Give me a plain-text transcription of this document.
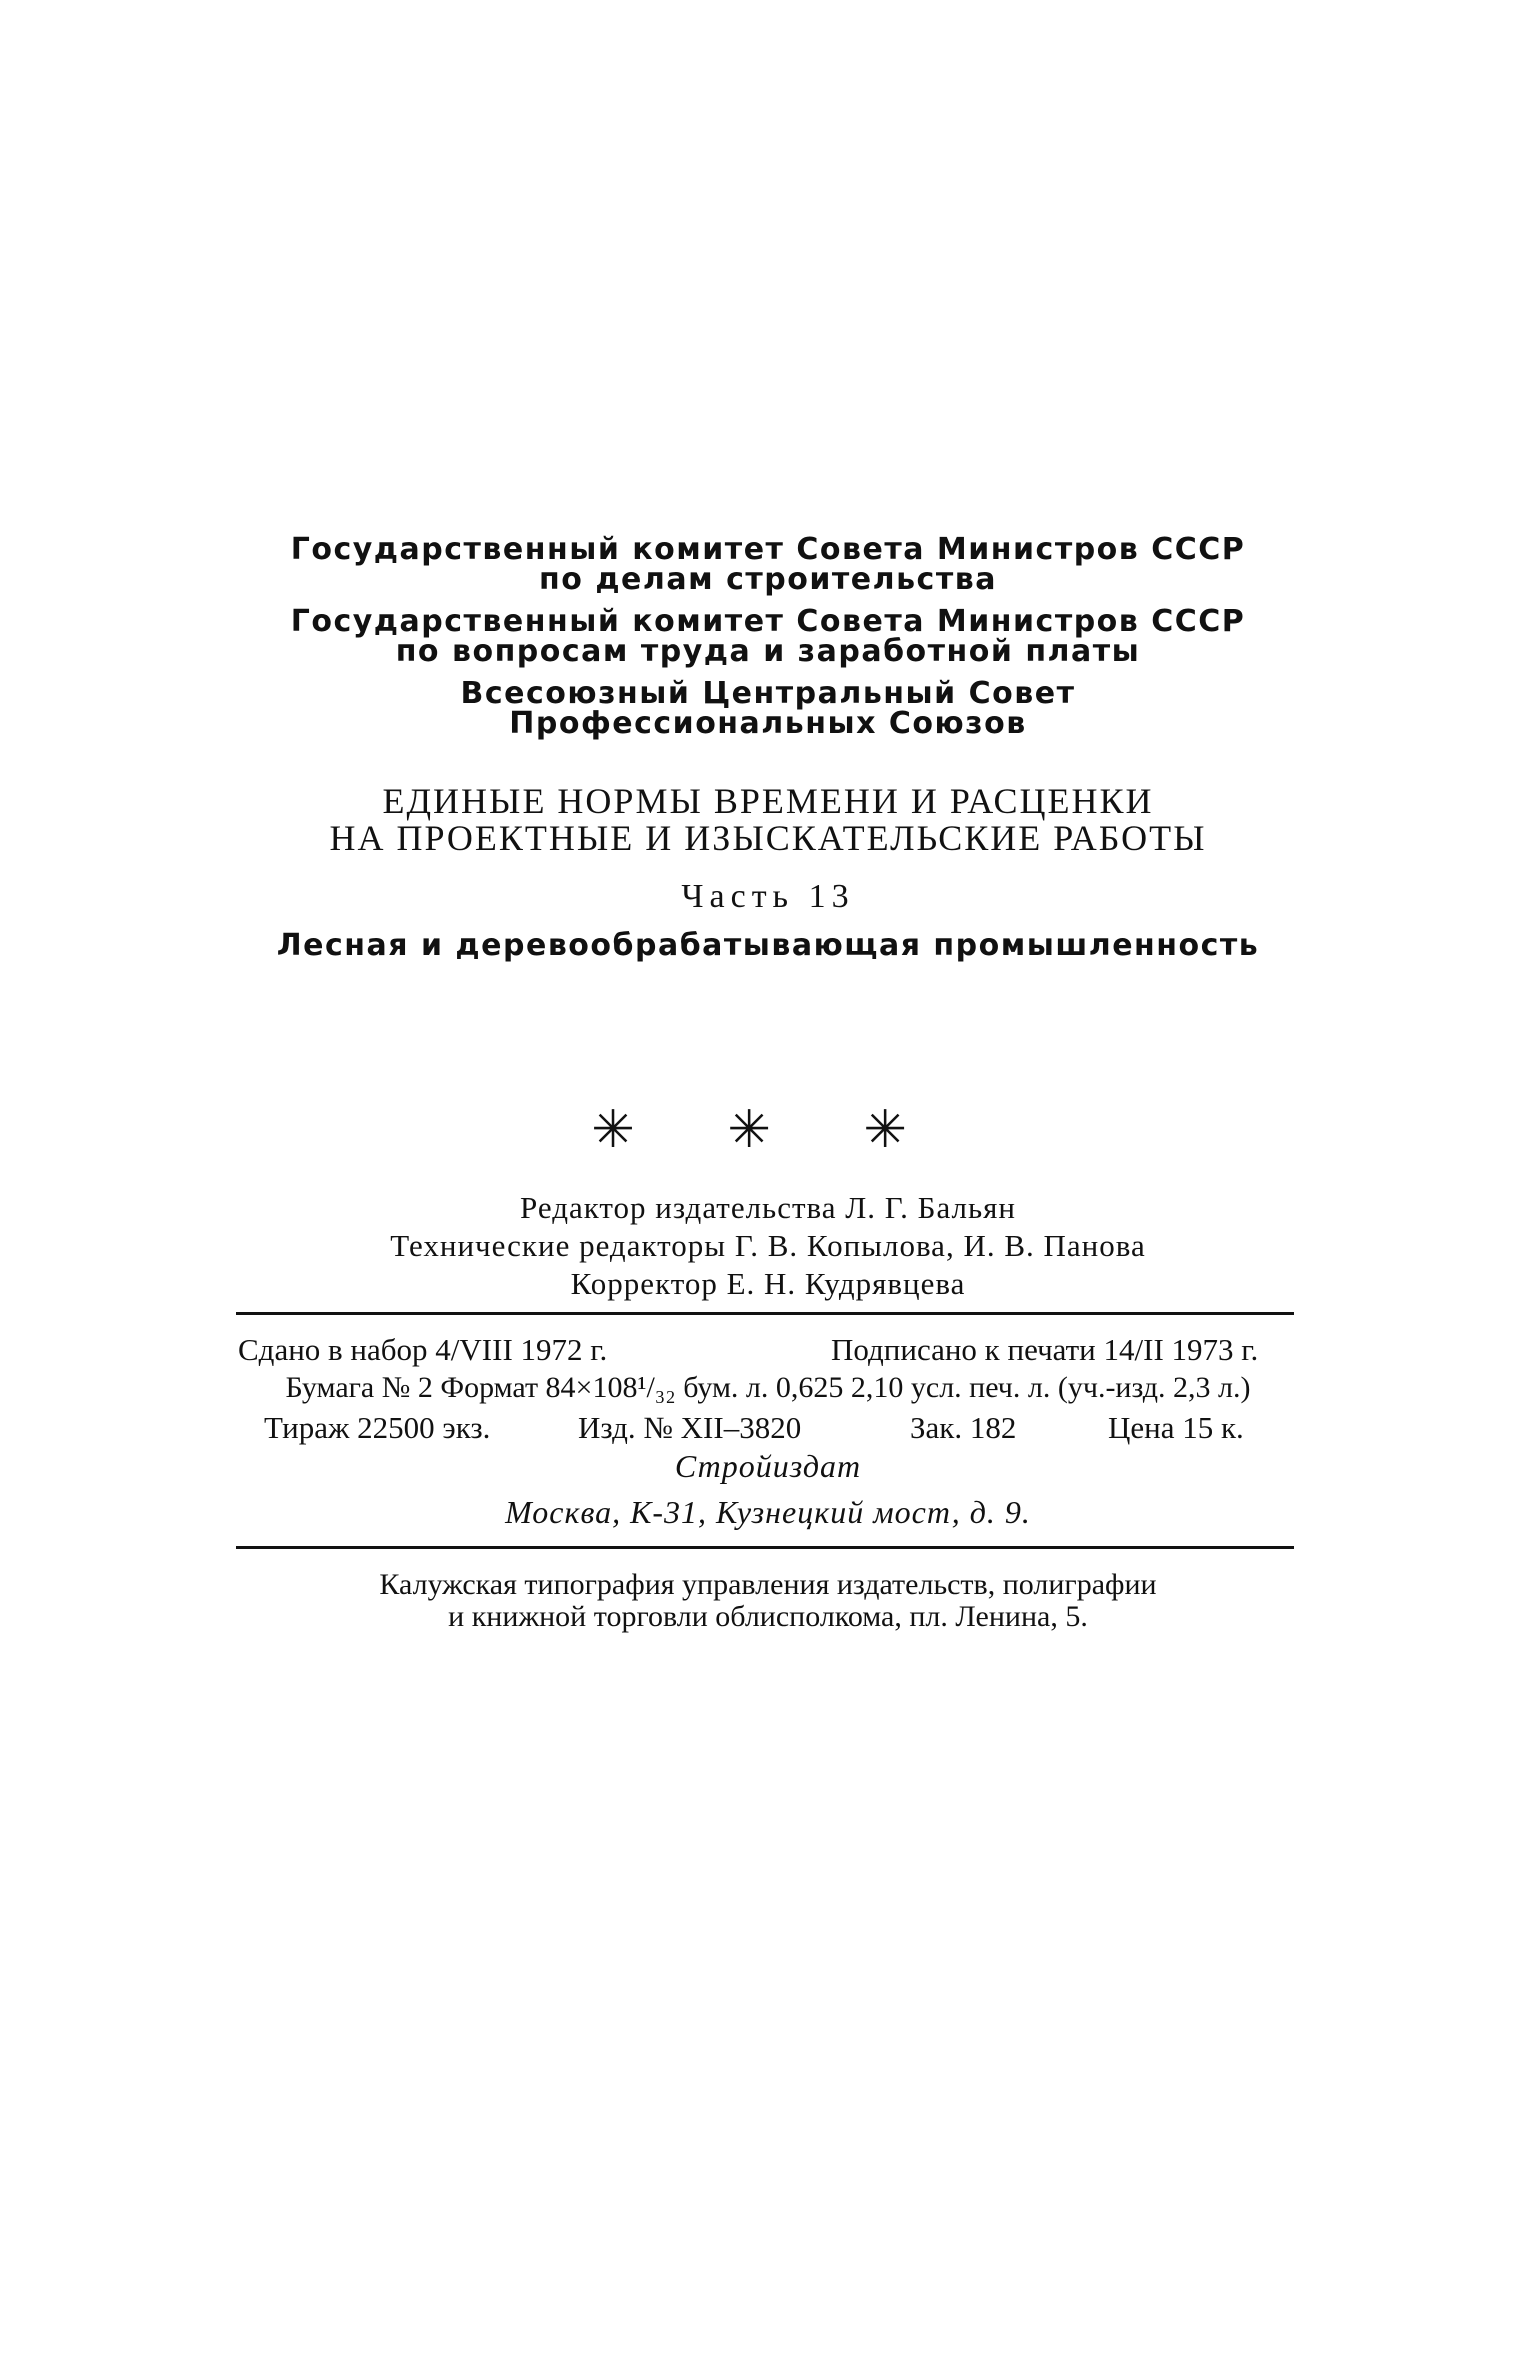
Государственный комитет Совета Министров СССР
по делам строительства
Государственный комитет Совета Министров СССР
по вопросам труда и заработной платы
Всесоюзный Центральный Совет
Профессиональных Союзов
ЕДИНЫЕ НОРМЫ ВРЕМЕНИ И РАСЦЕНКИ
НА ПРОЕКТНЫЕ И ИЗЫСКАТЕЛЬСКИЕ РАБОТЫ
Часть 13
Лесная и деревообрабатывающая промышленность
✳ ✳ ✳
Редактор издательства Л. Г. Бальян
Технические редакторы Г. В. Копылова, И. В. Панова
Корректор Е. Н. Кудрявцева
Сдано в набор 4/VIII 1972 г.	Подписано к печати 14/II 1973 г.
Бумага № 2 Формат 84×108¹/₃₂ бум. л. 0,625 2,10 усл. печ. л. (уч.-изд. 2,3 л.)
Тираж 22500 экз.	Изд. № XII–3820	Зак. 182	Цена 15 к.
Стройиздат
Москва, К-31, Кузнецкий мост, д. 9.
Калужская типография управления издательств, полиграфии
и книжной торговли облисполкома, пл. Ленина, 5.
